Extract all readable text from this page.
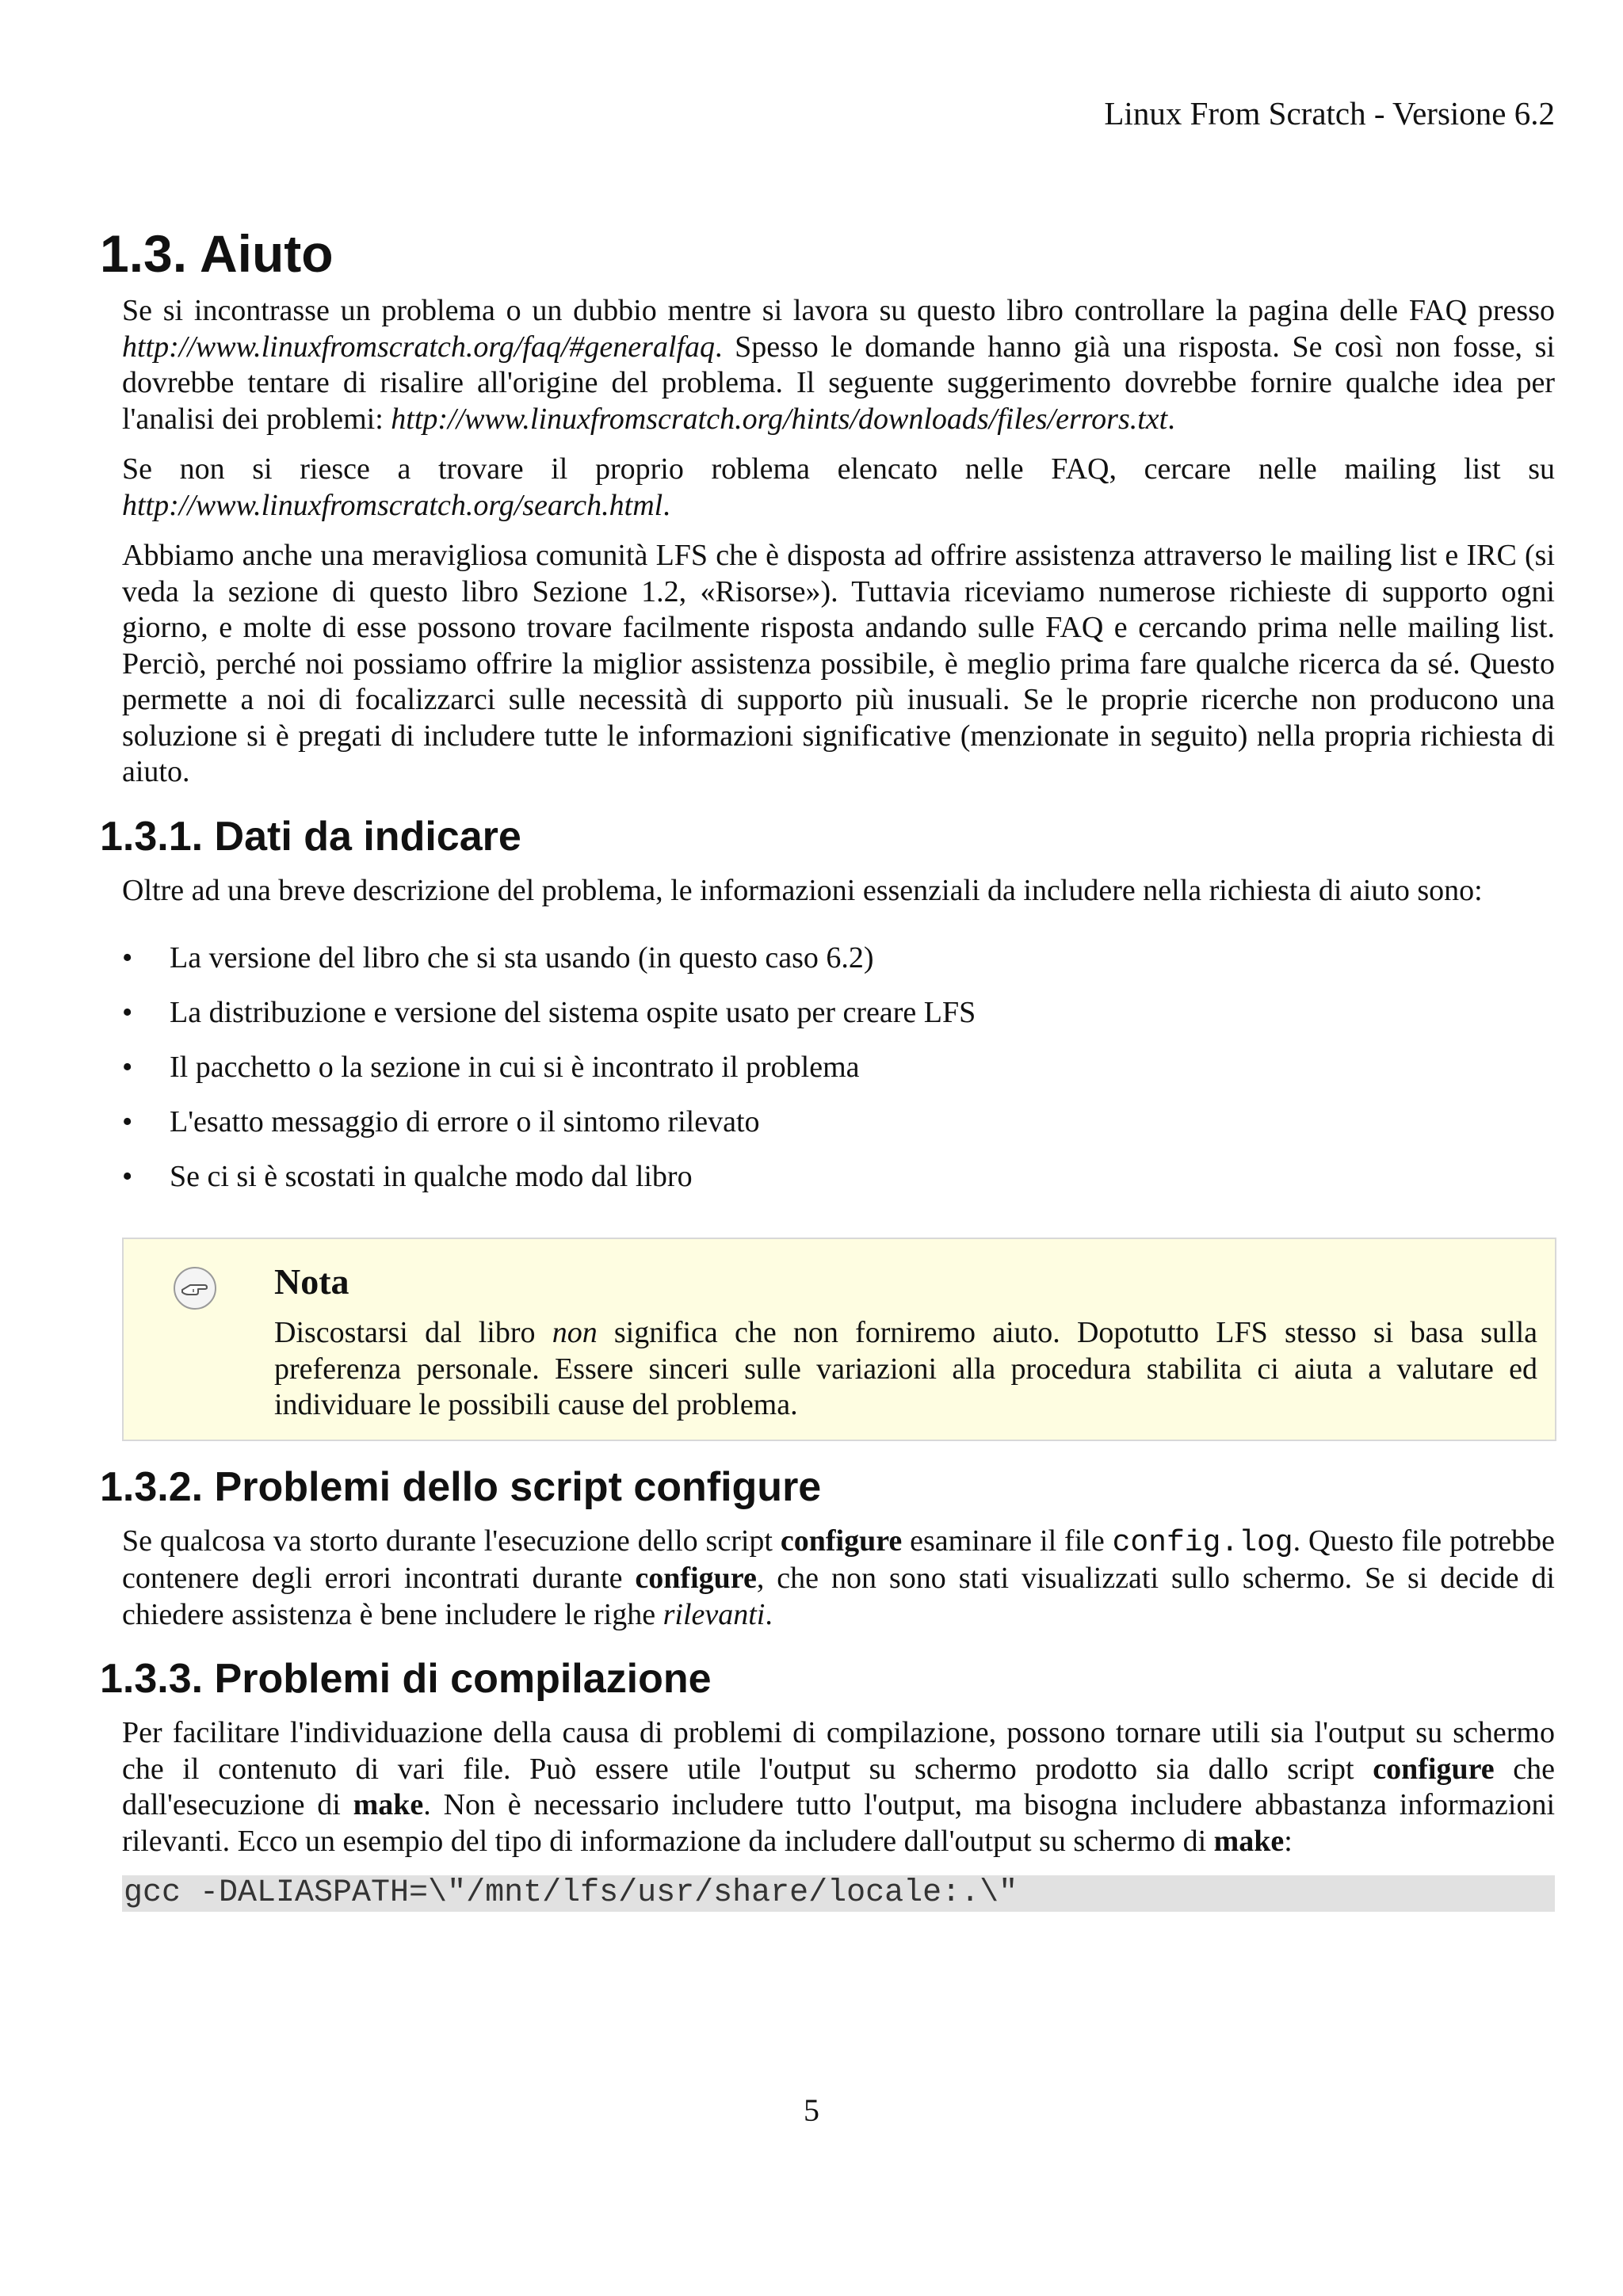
Linux From Scratch - Versione 6.2
1.3. Aiuto

Se si incontrasse un problema o un dubbio mentre si lavora su questo libro controllare la pagina delle FAQ presso http://www.linuxfromscratch.org/faq/#generalfaq. Spesso le domande hanno già una risposta. Se così non fosse, si dovrebbe tentare di risalire all'origine del problema. Il seguente suggerimento dovrebbe fornire qualche idea per l'analisi dei problemi: http://www.linuxfromscratch.org/hints/downloads/files/errors.txt.

Se non si riesce a trovare il proprio roblema elencato nelle FAQ, cercare nelle mailing list su http://www.linuxfromscratch.org/search.html.

Abbiamo anche una meravigliosa comunità LFS che è disposta ad offrire assistenza attraverso le mailing list e IRC (si veda la sezione di questo libro Sezione 1.2, «Risorse»). Tuttavia riceviamo numerose richieste di supporto ogni giorno, e molte di esse possono trovare facilmente risposta andando sulle FAQ e cercando prima nelle mailing list. Perciò, perché noi possiamo offrire la miglior assistenza possibile, è meglio prima fare qualche ricerca da sé. Questo permette a noi di focalizzarci sulle necessità di supporto più inusuali. Se le proprie ricerche non producono una soluzione si è pregati di includere tutte le informazioni significative (menzionate in seguito) nella propria richiesta di aiuto.

1.3.1. Dati da indicare

Oltre ad una breve descrizione del problema, le informazioni essenziali da includere nella richiesta di aiuto sono:

• La versione del libro che si sta usando (in questo caso 6.2)
• La distribuzione e versione del sistema ospite usato per creare LFS
• Il pacchetto o la sezione in cui si è incontrato il problema
• L'esatto messaggio di errore o il sintomo rilevato
• Se ci si è scostati in qualche modo dal libro
Nota

Discostarsi dal libro non significa che non forniremo aiuto. Dopotutto LFS stesso si basa sulla preferenza personale. Essere sinceri sulle variazioni alla procedura stabilita ci aiuta a valutare ed individuare le possibili cause del problema.

1.3.2. Problemi dello script configure

Se qualcosa va storto durante l'esecuzione dello script configure esaminare il file config.log. Questo file potrebbe contenere degli errori incontrati durante configure, che non sono stati visualizzati sullo schermo. Se si decide di chiedere assistenza è bene includere le righe rilevanti.

1.3.3. Problemi di compilazione

Per facilitare l'individuazione della causa di problemi di compilazione, possono tornare utili sia l'output su schermo che il contenuto di vari file. Può essere utile l'output su schermo prodotto sia dallo script configure che dall'esecuzione di make. Non è necessario includere tutto l'output, ma bisogna includere abbastanza informazioni rilevanti. Ecco un esempio del tipo di informazione da includere dall'output su schermo di make:

gcc -DALIASPATH=\"/mnt/lfs/usr/share/locale:.\"
5
